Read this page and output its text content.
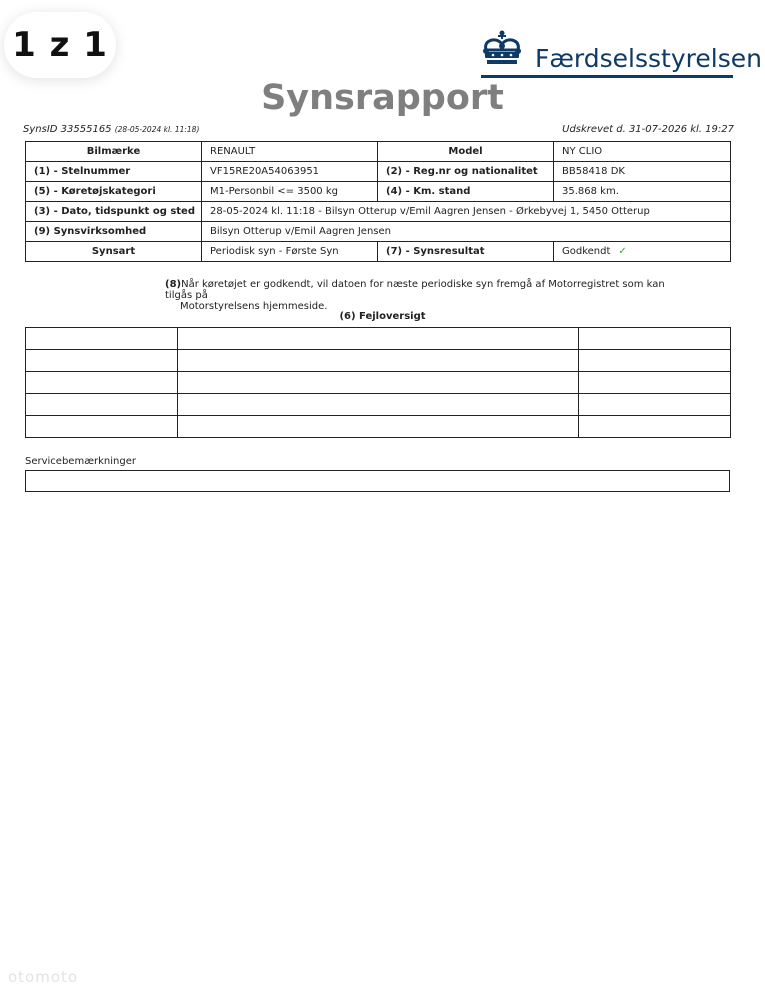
1 z 1	Færdselsstyrelsen
Synsrapport
SynsID 33555165 (28-05-2024 kl. 11:18)	Udskrevet d. 31-07-2026 kl. 19:27
Bilmærke	RENAULT	Model	NY CLIO
(1) - Stelnummer	VF15RE20A54063951	(2) - Reg.nr og nationalitet	BB58418 DK
(5) - Køretøjskategori	M1-Personbil <= 3500 kg	(4) - Km. stand	35.868 km.
(3) - Dato, tidspunkt og sted	28-05-2024 kl. 11:18 - Bilsyn Otterup v/Emil Aagren Jensen - Ørkebyvej 1, 5450 Otterup		
(9) Synsvirksomhed	Bilsyn Otterup v/Emil Aagren Jensen		
Synsart	Periodisk syn - Første Syn	(7) - Synsresultat	Godkendt ✓
(8)Når køretøjet er godkendt, vil datoen for næste periodiske syn fremgå af Motorregistret som kan tilgås på
Motorstyrelsens hjemmeside.
(6) Fejloversigt

Servicebemærkninger
otomoto
